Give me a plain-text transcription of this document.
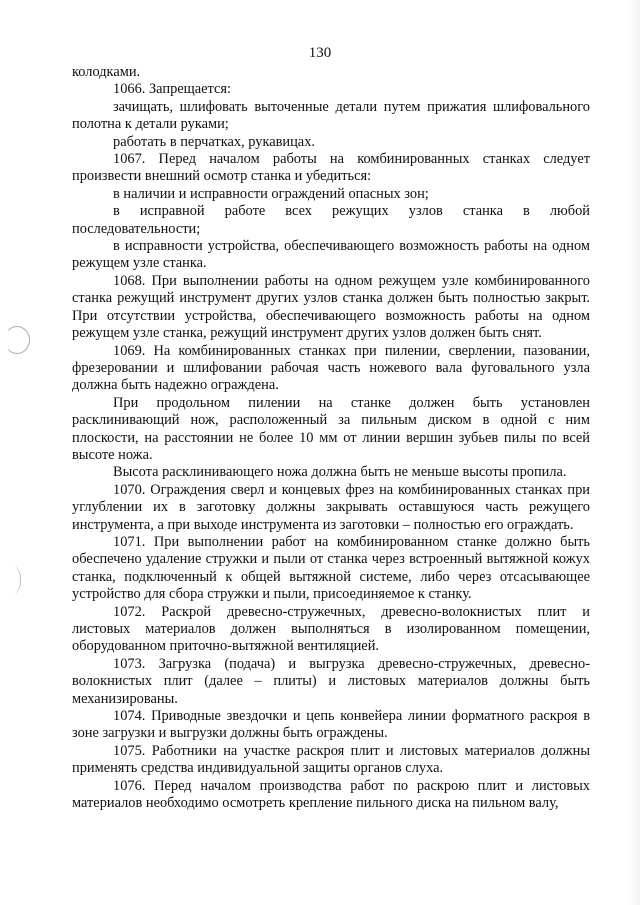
130

колодками.

1066. Запрещается:

зачищать, шлифовать выточенные детали путем прижатия шлифовального полотна к детали руками;

работать в перчатках, рукавицах.

1067. Перед началом работы на комбинированных станках следует произвести внешний осмотр станка и убедиться:

в наличии и исправности ограждений опасных зон;

в исправной работе всех режущих узлов станка в любой последовательности;

в исправности устройства, обеспечивающего возможность работы на одном режущем узле станка.

1068. При выполнении работы на одном режущем узле комбинированного станка режущий инструмент других узлов станка должен быть полностью закрыт. При отсутствии устройства, обеспечивающего возможность работы на одном режущем узле станка, режущий инструмент других узлов должен быть снят.

1069. На комбинированных станках при пилении, сверлении, пазовании, фрезеровании и шлифовании рабочая часть ножевого вала фуговального узла должна быть надежно ограждена.

При продольном пилении на станке должен быть установлен расклинивающий нож, расположенный за пильным диском в одной с ним плоскости, на расстоянии не более 10 мм от линии вершин зубьев пилы по всей высоте ножа.

Высота расклинивающего ножа должна быть не меньше высоты пропила.

1070. Ограждения сверл и концевых фрез на комбинированных станках при углублении их в заготовку должны закрывать оставшуюся часть режущего инструмента, а при выходе инструмента из заготовки – полностью его ограждать.

1071. При выполнении работ на комбинированном станке должно быть обеспечено удаление стружки и пыли от станка через встроенный вытяжной кожух станка, подключенный к общей вытяжной системе, либо через отсасывающее устройство для сбора стружки и пыли, присоединяемое к станку.

1072. Раскрой древесно-стружечных, древесно-волокнистых плит и листовых материалов должен выполняться в изолированном помещении, оборудованном приточно-вытяжной вентиляцией.

1073. Загрузка (подача) и выгрузка древесно-стружечных, древесно-волокнистых плит (далее – плиты) и листовых материалов должны быть механизированы.

1074. Приводные звездочки и цепь конвейера линии форматного раскроя в зоне загрузки и выгрузки должны быть ограждены.

1075. Работники на участке раскроя плит и листовых материалов должны применять средства индивидуальной защиты органов слуха.

1076. Перед началом производства работ по раскрою плит и листовых материалов необходимо осмотреть крепление пильного диска на пильном валу,
